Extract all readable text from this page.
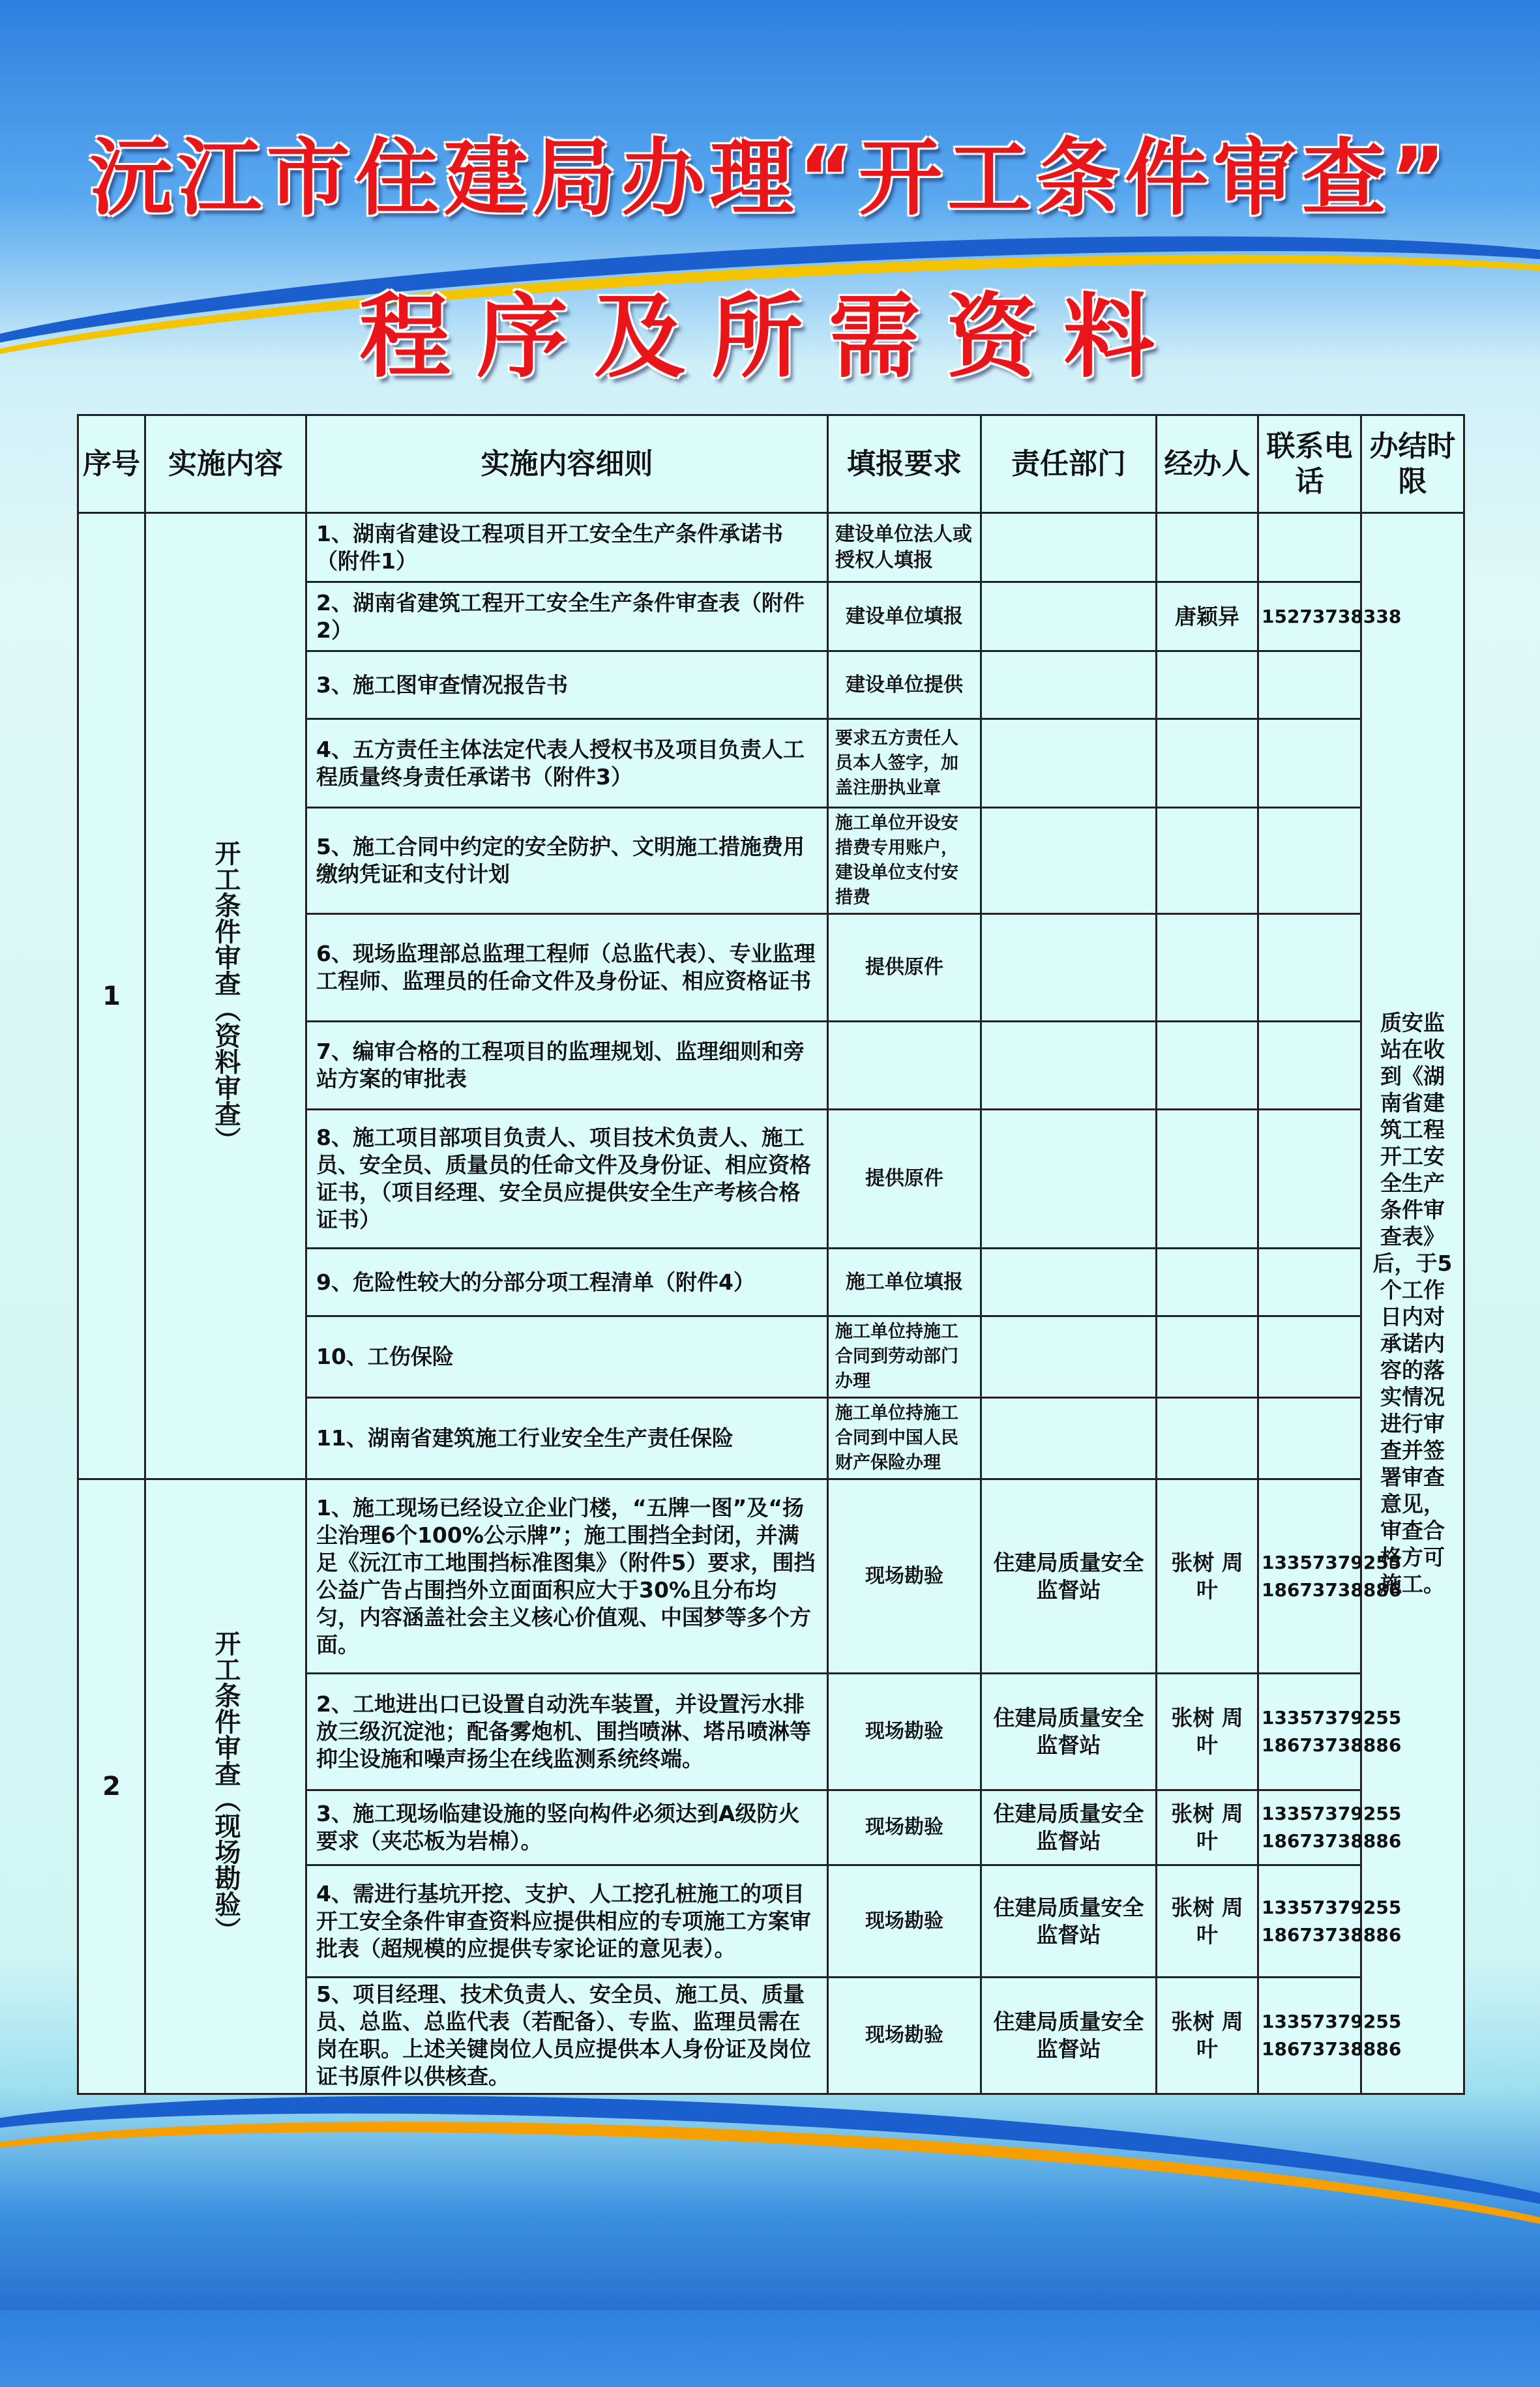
沅江市住建局办理“开工条件审查”
程序及所需资料
序号	实施内容	实施内容细则	填报要求	责任部门	经办人	联系电话	办结时限
1	开工条件审查（资料审查）	1、湖南省建设工程项目开工安全生产条件承诺书（附件1）	建设单位法人或授权人填报				质安监站在收到《湖南省建筑工程开工安全生产条件审查表》后，于5个工作日内对承诺内容的落实情况进行审查并签署审查意见，审查合格方可施工。
		2、湖南省建筑工程开工安全生产条件审查表（附件2）	建设单位填报		唐颖异	15273738338	
		3、施工图审查情况报告书	建设单位提供				
		4、五方责任主体法定代表人授权书及项目负责人工程质量终身责任承诺书（附件3）	要求五方责任人员本人签字，加盖注册执业章				
		5、施工合同中约定的安全防护、文明施工措施费用缴纳凭证和支付计划	施工单位开设安措费专用账户，建设单位支付安措费				
		6、现场监理部总监理工程师（总监代表）、专业监理工程师、监理员的任命文件及身份证、相应资格证书	提供原件				
		7、编审合格的工程项目的监理规划、监理细则和旁站方案的审批表					
		8、施工项目部项目负责人、项目技术负责人、施工员、安全员、质量员的任命文件及身份证、相应资格证书，（项目经理、安全员应提供安全生产考核合格证书）	提供原件				
		9、危险性较大的分部分项工程清单（附件4）	施工单位填报				
		10、工伤保险	施工单位持施工合同到劳动部门办理				
		11、湖南省建筑施工行业安全生产责任保险	施工单位持施工合同到中国人民财产保险办理				
2	开工条件审查（现场勘验）	1、施工现场已经设立企业门楼，“五牌一图”及“扬尘治理6个100%公示牌”；施工围挡全封闭，并满足《沅江市工地围挡标准图集》（附件5）要求，围挡公益广告占围挡外立面面积应大于30%且分布均匀，内容涵盖社会主义核心价值观、中国梦等多个方面。	现场勘验	住建局质量安全监督站	张树 周叶	13357379255 18673738886	
		2、工地进出口已设置自动洗车装置，并设置污水排放三级沉淀池；配备雾炮机、围挡喷淋、塔吊喷淋等抑尘设施和噪声扬尘在线监测系统终端。	现场勘验	住建局质量安全监督站	张树 周叶	13357379255 18673738886	
		3、施工现场临建设施的竖向构件必须达到A级防火要求（夹芯板为岩棉）。	现场勘验	住建局质量安全监督站	张树 周叶	13357379255 18673738886	
		4、需进行基坑开挖、支护、人工挖孔桩施工的项目开工安全条件审查资料应提供相应的专项施工方案审批表（超规模的应提供专家论证的意见表）。	现场勘验	住建局质量安全监督站	张树 周叶	13357379255 18673738886	
		5、项目经理、技术负责人、安全员、施工员、质量员、总监、总监代表（若配备）、专监、监理员需在岗在职。上述关键岗位人员应提供本人身份证及岗位证书原件以供核查。	现场勘验	住建局质量安全监督站	张树 周叶	13357379255 18673738886	
